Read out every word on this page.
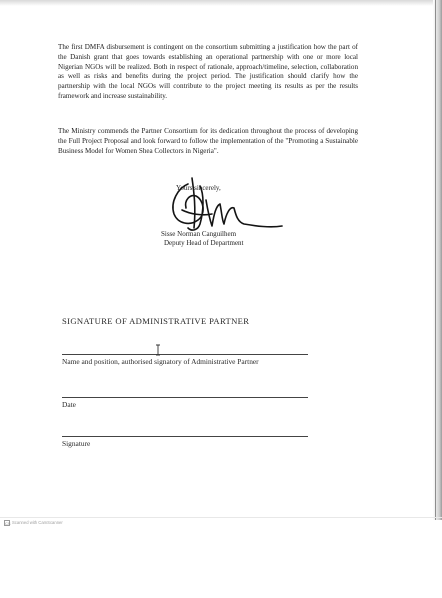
The first DMFA disbursement is contingent on the consortium submitting a justification how the part of the Danish grant that goes towards establishing an operational partnership with one or more local Nigerian NGOs will be realized. Both in respect of rationale, approach/timeline, selection, collaboration as well as risks and benefits during the project period. The justification should clarify how the partnership with the local NGOs will contribute to the project meeting its results as per the results framework and increase sustainability.

The Ministry commends the Partner Consortium for its dedication throughout the process of developing the Full Project Proposal and look forward to follow the implementation of the "Promoting a Sustainable Business Model for Women Shea Collectors in Nigeria".

Yours sincerely,
Sisse Norman Canguilhem
Deputy Head of Department
SIGNATURE OF ADMINISTRATIVE PARTNER
Name and position, authorised signatory of Administrative Partner
Date
Signature
CS Scanned with CamScanner
